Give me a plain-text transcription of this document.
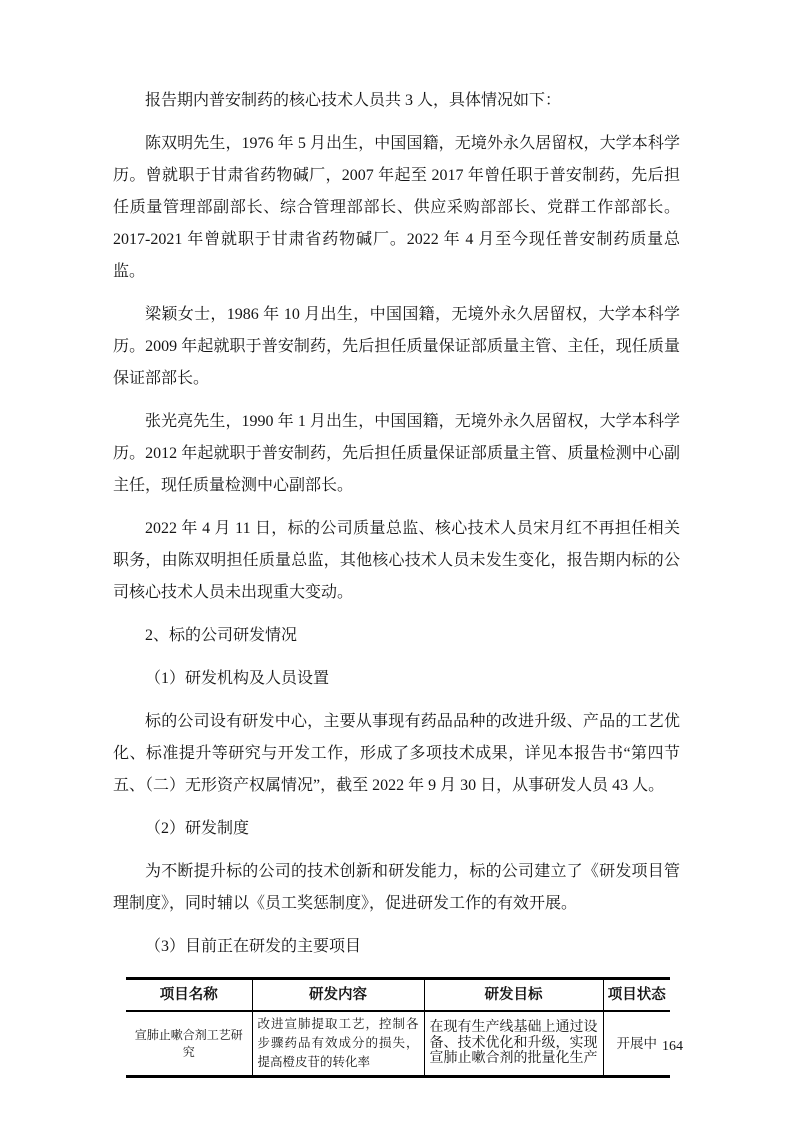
报告期内普安制药的核心技术人员共 3 人，具体情况如下：

陈双明先生，1976 年 5 月出生，中国国籍，无境外永久居留权，大学本科学历。曾就职于甘肃省药物碱厂，2007 年起至 2017 年曾任职于普安制药，先后担任质量管理部副部长、综合管理部部长、供应采购部部长、党群工作部部长。2017-2021 年曾就职于甘肃省药物碱厂。2022 年 4 月至今现任普安制药质量总监。

梁颖女士，1986 年 10 月出生，中国国籍，无境外永久居留权，大学本科学历。2009 年起就职于普安制药，先后担任质量保证部质量主管、主任，现任质量保证部部长。

张光亮先生，1990 年 1 月出生，中国国籍，无境外永久居留权，大学本科学历。2012 年起就职于普安制药，先后担任质量保证部质量主管、质量检测中心副主任，现任质量检测中心副部长。

2022 年 4 月 11 日，标的公司质量总监、核心技术人员宋月红不再担任相关职务，由陈双明担任质量总监，其他核心技术人员未发生变化，报告期内标的公司核心技术人员未出现重大变动。

2、标的公司研发情况

（1）研发机构及人员设置

标的公司设有研发中心，主要从事现有药品品种的改进升级、产品的工艺优化、标准提升等研究与开发工作，形成了多项技术成果，详见本报告书“第四节五、（二）无形资产权属情况”，截至 2022 年 9 月 30 日，从事研发人员 43 人。

（2）研发制度

为不断提升标的公司的技术创新和研发能力，标的公司建立了《研发项目管理制度》，同时辅以《员工奖惩制度》，促进研发工作的有效开展。

（3）目前正在研发的主要项目

项目名称	研发内容	研发目标	项目状态
宣肺止嗽合剂工艺研究	改进宣肺提取工艺，控制各步骤药品有效成分的损失，提高橙皮苷的转化率	在现有生产线基础上通过设备、技术优化和升级，实现宣肺止嗽合剂的批量化生产	开展中 164
